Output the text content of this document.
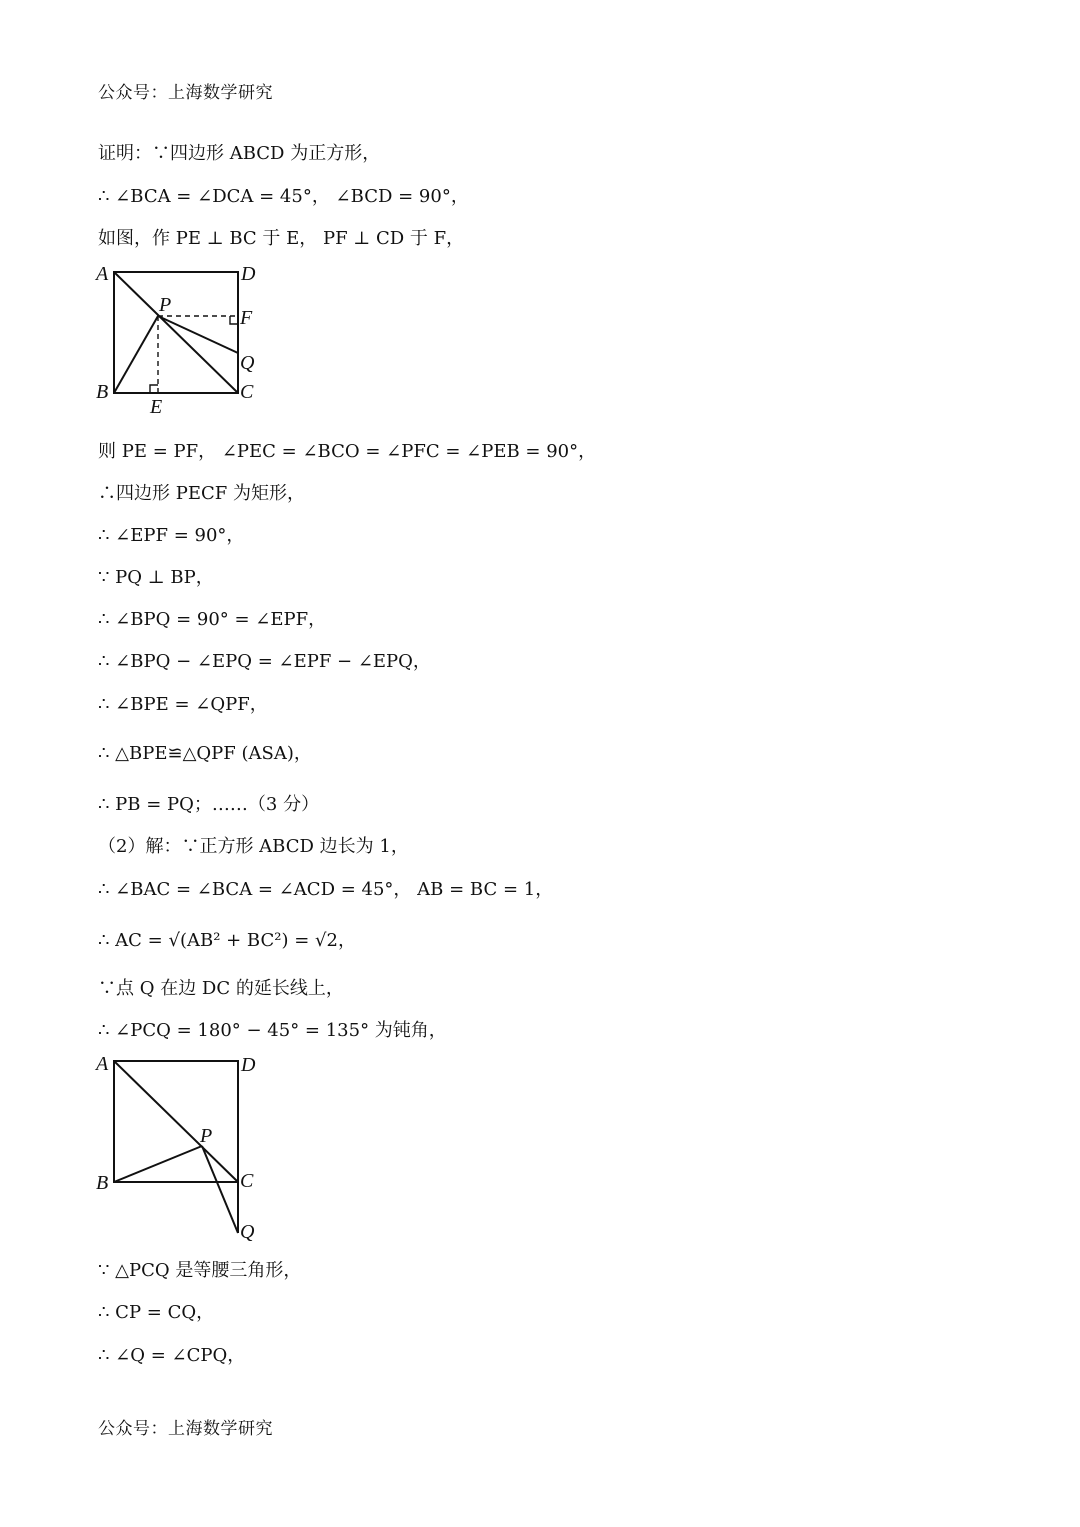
公众号：上海数学研究
证明：∵四边形 ABCD 为正方形，
∴ ∠BCA = ∠DCA = 45°， ∠BCD = 90°，
如图，作 PE ⊥ BC 于 E， PF ⊥ CD 于 F，
A	D
P
F
Q
B	C
E
则 PE = PF， ∠PEC = ∠BCO = ∠PFC = ∠PEB = 90°，
∴四边形 PECF 为矩形，
∴ ∠EPF = 90°，
∵ PQ ⊥ BP，
∴ ∠BPQ = 90° = ∠EPF，
∴ ∠BPQ − ∠EPQ = ∠EPF − ∠EPQ，
∴ ∠BPE = ∠QPF，
∴ △BPE≌△QPF (ASA)，
∴ PB = PQ；……（3 分）
（2）解：∵正方形 ABCD 边长为 1，
∴ ∠BAC = ∠BCA = ∠ACD = 45°， AB = BC = 1，
∴ AC = √(AB² + BC²) = √2，
∵点 Q 在边 DC 的延长线上，
∴ ∠PCQ = 180° − 45° = 135° 为钝角，
A	D
P
B	C
Q
∵ △PCQ 是等腰三角形，
∴ CP = CQ，
∴ ∠Q = ∠CPQ，
公众号：上海数学研究
